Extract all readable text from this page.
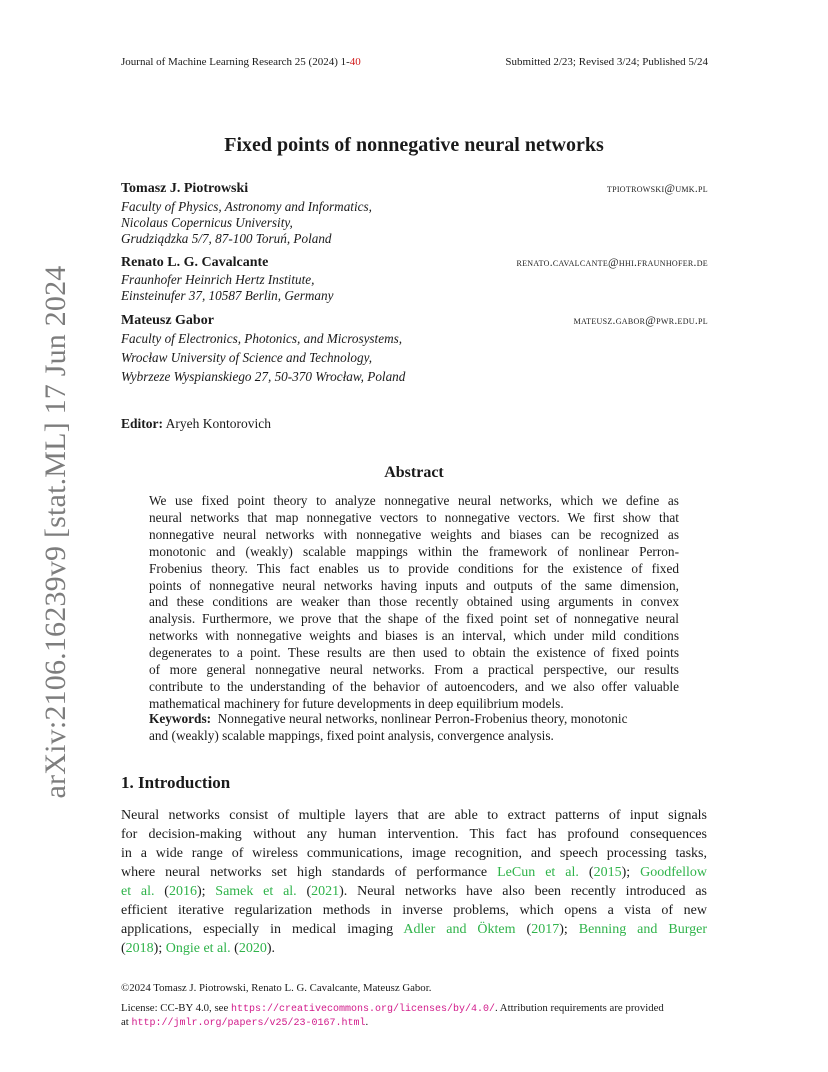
Journal of Machine Learning Research 25 (2024) 1-40	Submitted 2/23; Revised 3/24; Published 5/24
arXiv:2106.16239v9 [stat.ML] 17 Jun 2024
Fixed points of nonnegative neural networks
Tomasz J. Piotrowski	tpiotrowski@umk.pl
Faculty of Physics, Astronomy and Informatics,
Nicolaus Copernicus University,
Grudziądzka 5/7, 87-100 Toruń, Poland
Renato L. G. Cavalcante	renato.cavalcante@hhi.fraunhofer.de
Fraunhofer Heinrich Hertz Institute,
Einsteinufer 37, 10587 Berlin, Germany
Mateusz Gabor	mateusz.gabor@pwr.edu.pl
Faculty of Electronics, Photonics, and Microsystems,
Wrocław University of Science and Technology,
Wybrzeze Wyspianskiego 27, 50-370 Wrocław, Poland
Editor: Aryeh Kontorovich
Abstract
We use fixed point theory to analyze nonnegative neural networks, which we define as
neural networks that map nonnegative vectors to nonnegative vectors. We first show that
nonnegative neural networks with nonnegative weights and biases can be recognized as
monotonic and (weakly) scalable mappings within the framework of nonlinear Perron-
Frobenius theory. This fact enables us to provide conditions for the existence of fixed
points of nonnegative neural networks having inputs and outputs of the same dimension,
and these conditions are weaker than those recently obtained using arguments in convex
analysis. Furthermore, we prove that the shape of the fixed point set of nonnegative neural
networks with nonnegative weights and biases is an interval, which under mild conditions
degenerates to a point. These results are then used to obtain the existence of fixed points
of more general nonnegative neural networks. From a practical perspective, our results
contribute to the understanding of the behavior of autoencoders, and we also offer valuable
mathematical machinery for future developments in deep equilibrium models.
Keywords: Nonnegative neural networks, nonlinear Perron-Frobenius theory, monotonic
and (weakly) scalable mappings, fixed point analysis, convergence analysis.
1. Introduction
Neural networks consist of multiple layers that are able to extract patterns of input signals
for decision-making without any human intervention. This fact has profound consequences
in a wide range of wireless communications, image recognition, and speech processing tasks,
where neural networks set high standards of performance LeCun et al. (2015); Goodfellow
et al. (2016); Samek et al. (2021). Neural networks have also been recently introduced as
efficient iterative regularization methods in inverse problems, which opens a vista of new
applications, especially in medical imaging Adler and Öktem (2017); Benning and Burger
(2018); Ongie et al. (2020).
©2024 Tomasz J. Piotrowski, Renato L. G. Cavalcante, Mateusz Gabor.
License: CC-BY 4.0, see https://creativecommons.org/licenses/by/4.0/. Attribution requirements are provided
at http://jmlr.org/papers/v25/23-0167.html.
